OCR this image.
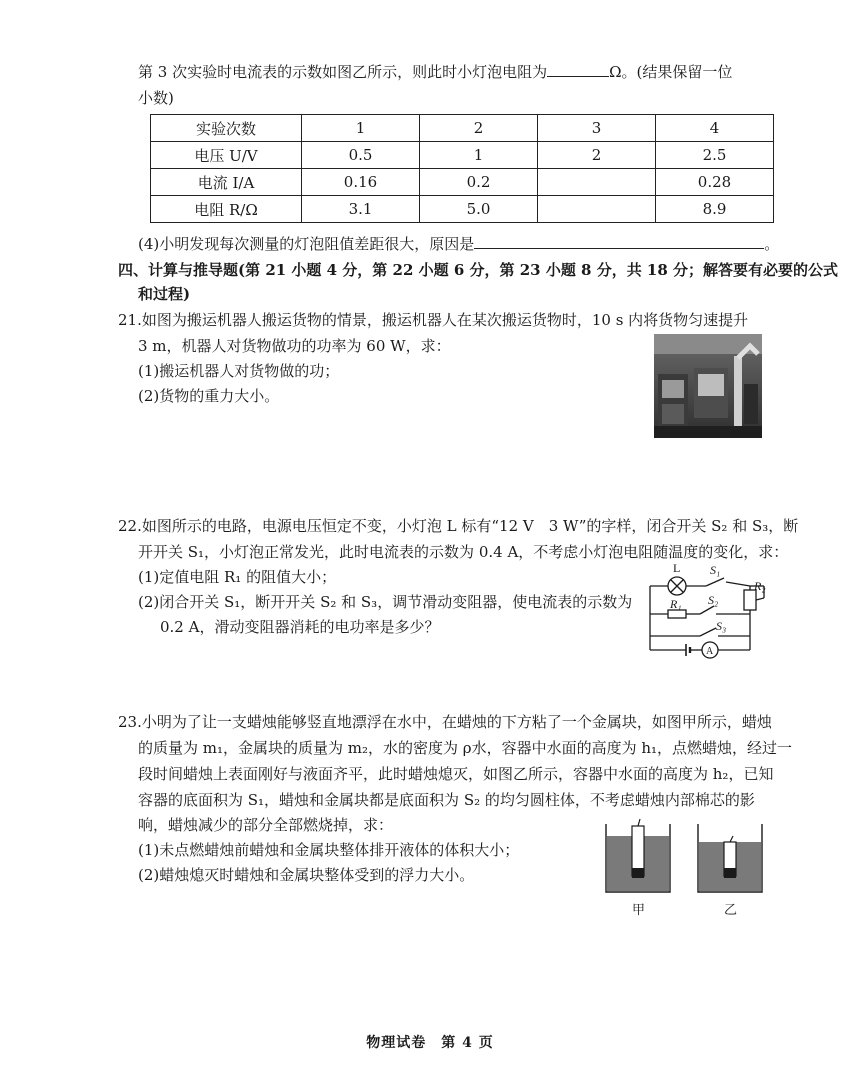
第 3 次实验时电流表的示数如图乙所示，则此时小灯泡电阻为	Ω。(结果保留一位
小数)
实验次数	1	2	3	4
电压 U/V	0.5	1	2	2.5
电流 I/A	0.16	0.2		0.28
电阻 R/Ω	3.1	5.0		8.9
(4)小明发现每次测量的灯泡阻值差距很大，原因是	。
四、计算与推导题(第 21 小题 4 分，第 22 小题 6 分，第 23 小题 8 分，共 18 分；解答要有必要的公式
和过程)
21.如图为搬运机器人搬运货物的情景，搬运机器人在某次搬运货物时，10 s 内将货物匀速提升
3 m，机器人对货物做功的功率为 60 W，求：
(1)搬运机器人对货物做的功；
(2)货物的重力大小。
22.如图所示的电路，电源电压恒定不变，小灯泡 L 标有“12 V　3 W”的字样，闭合开关 S₂ 和 S₃，断
开开关 S₁，小灯泡正常发光，此时电流表的示数为 0.4 A，不考虑小灯泡电阻随温度的变化，求：
(1)定值电阻 R₁ 的阻值大小；
(2)闭合开关 S₁，断开开关 S₂ 和 S₃，调节滑动变阻器，使电流表的示数为
0.2 A，滑动变阻器消耗的电功率是多少？
L S₁
R₂
R₁ S₂
S₃
A
23.小明为了让一支蜡烛能够竖直地漂浮在水中，在蜡烛的下方粘了一个金属块，如图甲所示，蜡烛
的质量为 m₁，金属块的质量为 m₂，水的密度为 ρ水，容器中水面的高度为 h₁，点燃蜡烛，经过一
段时间蜡烛上表面刚好与液面齐平，此时蜡烛熄灭，如图乙所示，容器中水面的高度为 h₂，已知
容器的底面积为 S₁，蜡烛和金属块都是底面积为 S₂ 的均匀圆柱体，不考虑蜡烛内部棉芯的影
响，蜡烛减少的部分全部燃烧掉，求：
(1)未点燃蜡烛前蜡烛和金属块整体排开液体的体积大小；
(2)蜡烛熄灭时蜡烛和金属块整体受到的浮力大小。
甲	乙
物理试卷　第 4 页
